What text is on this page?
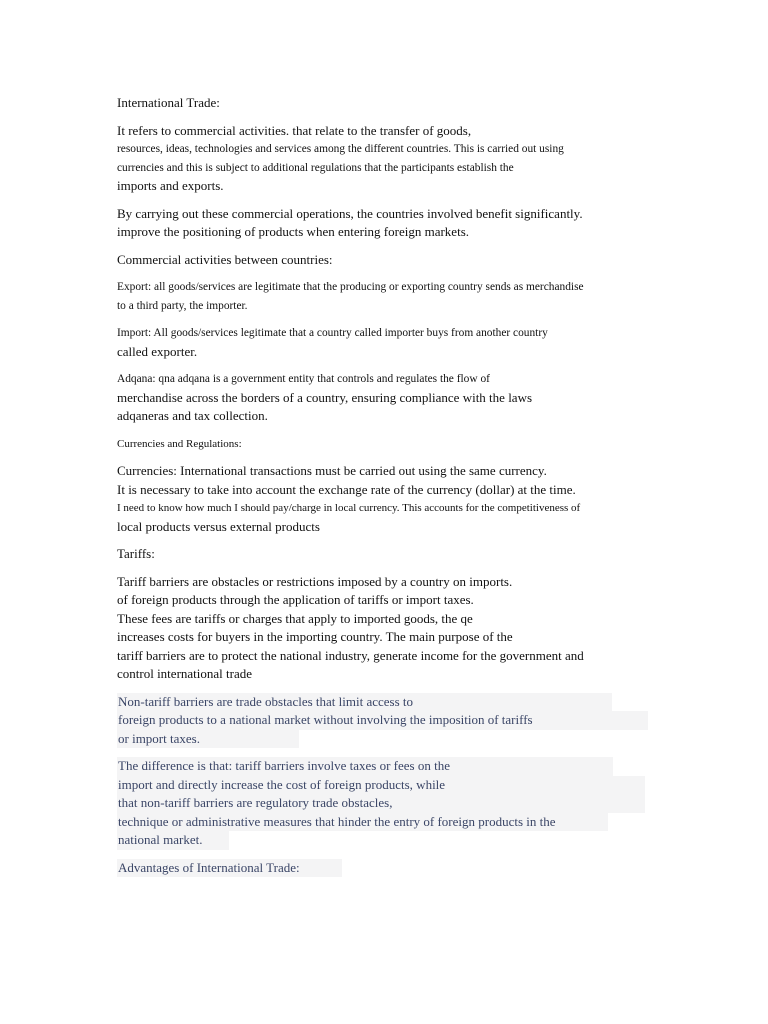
International Trade:

It refers to commercial activities. that relate to the transfer of goods,
resources, ideas, technologies and services among the different countries. This is carried out using
currencies and this is subject to additional regulations that the participants establish the
imports and exports.

By carrying out these commercial operations, the countries involved benefit significantly.
improve the positioning of products when entering foreign markets.

Commercial activities between countries:

Export: all goods/services are legitimate that the producing or exporting country sends as merchandise
to a third party, the importer.

Import: All goods/services legitimate that a country called importer buys from another country
called exporter.

Adqana: qna adqana is a government entity that controls and regulates the flow of
merchandise across the borders of a country, ensuring compliance with the laws
adqaneras and tax collection.

Currencies and Regulations:

Currencies: International transactions must be carried out using the same currency.
It is necessary to take into account the exchange rate of the currency (dollar) at the time.
I need to know how much I should pay/charge in local currency. This accounts for the competitiveness of
local products versus external products

Tariffs:

Tariff barriers are obstacles or restrictions imposed by a country on imports.
of foreign products through the application of tariffs or import taxes.
These fees are tariffs or charges that apply to imported goods, the qe
increases costs for buyers in the importing country. The main purpose of the
tariff barriers are to protect the national industry, generate income for the government and
control international trade

Non-tariff barriers are trade obstacles that limit access to
foreign products to a national market without involving the imposition of tariffs
or import taxes.

The difference is that: tariff barriers involve taxes or fees on the
import and directly increase the cost of foreign products, while
that non-tariff barriers are regulatory trade obstacles,
technique or administrative measures that hinder the entry of foreign products in the
national market.

Advantages of International Trade:
